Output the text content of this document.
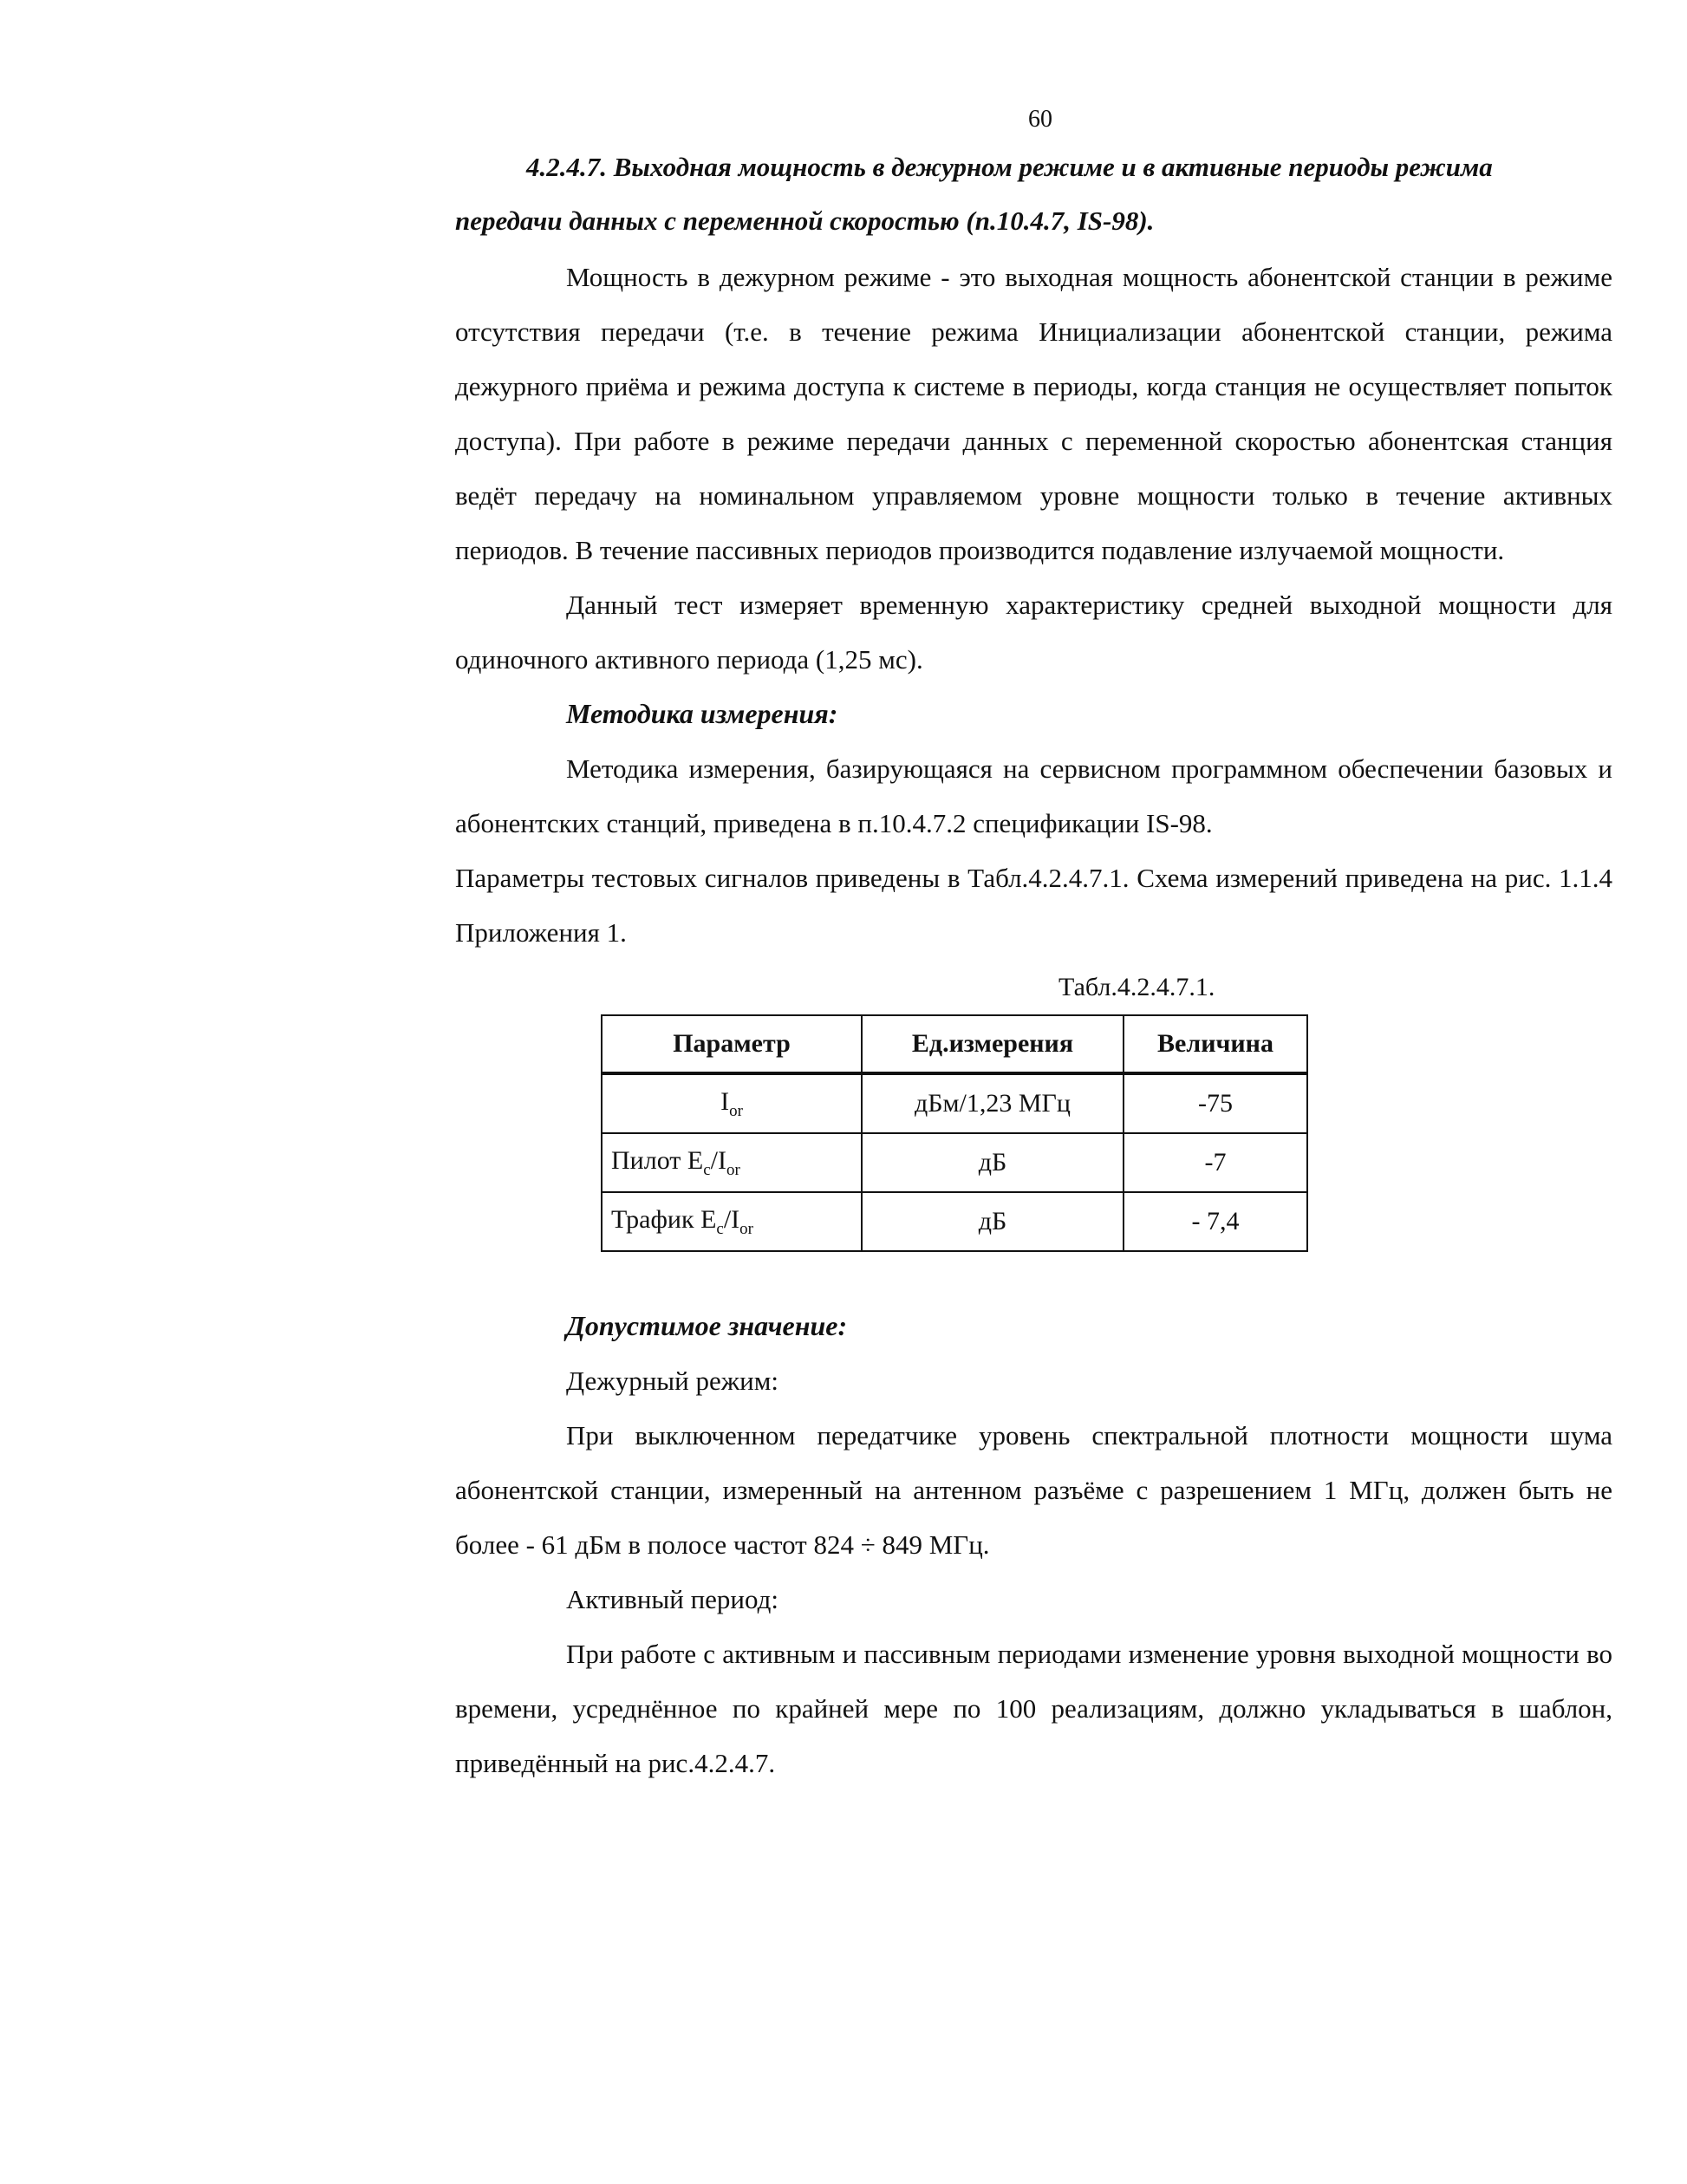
60

4.2.4.7. Выходная мощность в дежурном режиме и в активные периоды режима

передачи данных с переменной скоростью (п.10.4.7, IS-98).

Мощность в дежурном режиме - это выходная мощность абонентской станции в режиме отсутствия передачи (т.е. в течение режима Инициализации абонентской станции, режима дежурного приёма и режима доступа к системе в периоды, когда станция не осуществляет попыток доступа). При работе в режиме передачи данных с переменной скоростью абонентская станция ведёт передачу на номинальном управляемом уровне мощности только в течение активных периодов. В течение пассивных периодов производится подавление излучаемой мощности.

Данный тест измеряет временную характеристику средней выходной мощности для одиночного активного периода (1,25 мс).

Методика измерения:

Методика измерения, базирующаяся на сервисном программном обеспечении базовых и абонентских станций, приведена в п.10.4.7.2 спецификации IS-98.

Параметры тестовых сигналов приведены в Табл.4.2.4.7.1. Схема измерений приведена на рис. 1.1.4 Приложения 1.

Табл.4.2.4.7.1.

Параметр	Ед.измерения	Величина
$I_{or}$	дБм/1,23 МГц	-75
Пилот $E_c/I_{or}$	дБ	-7
Трафик $E_c/I_{or}$	дБ	- 7,4

Допустимое значение:

Дежурный режим:

При выключенном передатчике уровень спектральной плотности мощности шума абонентской станции, измеренный на антенном разъёме с разрешением 1 МГц, должен быть не более - 61 дБм в полосе частот 824 ÷ 849 МГц.

Активный период:

При работе с активным и пассивным периодами изменение уровня выходной мощности во времени, усреднённое по крайней мере по 100 реализациям, должно укладываться в шаблон, приведённый на рис.4.2.4.7.
